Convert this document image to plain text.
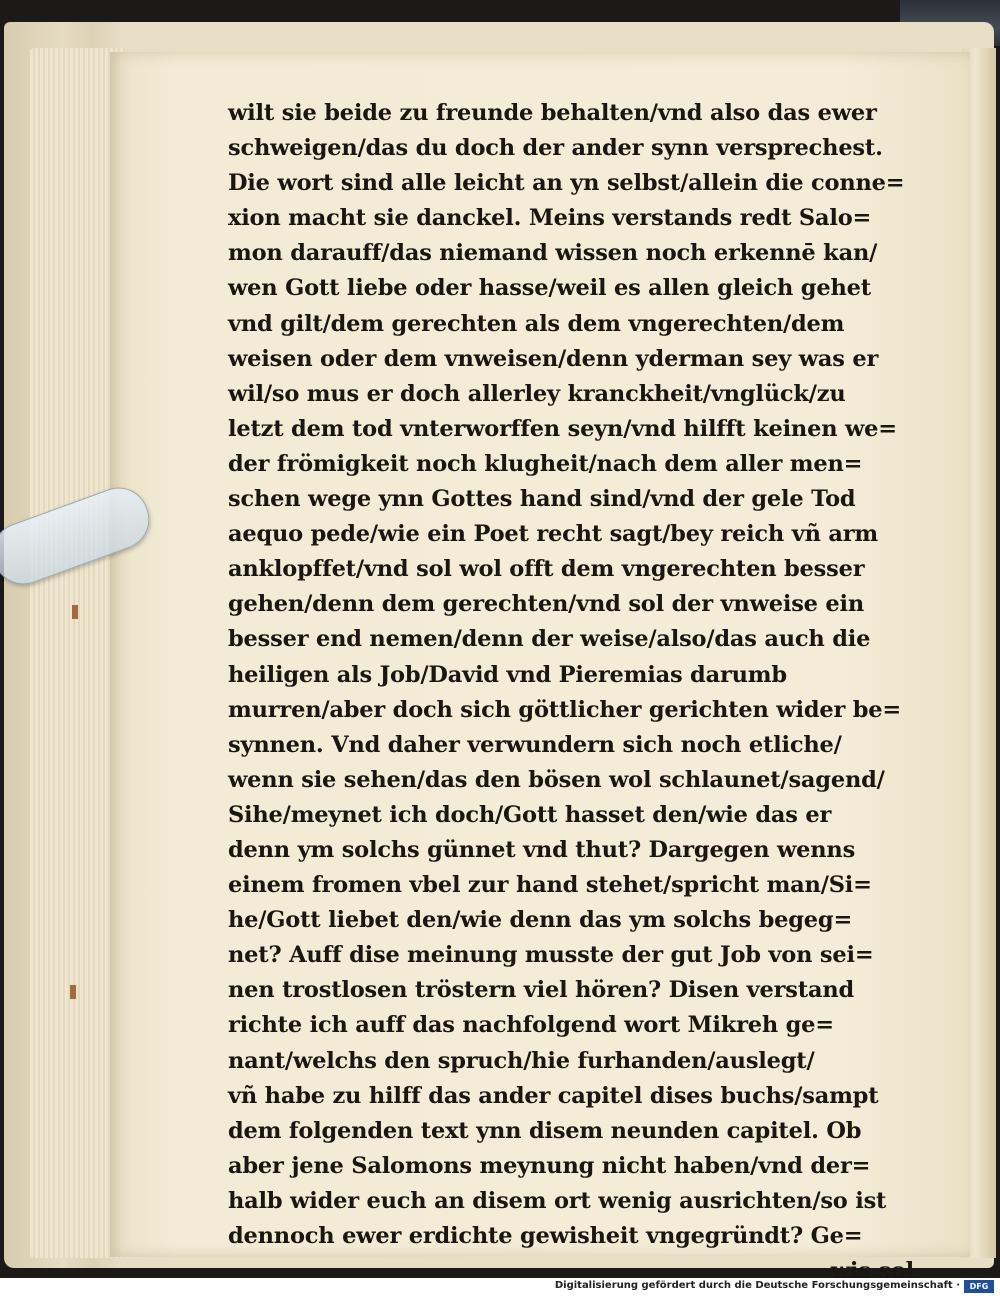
wilt sie beide zu freunde behalten/vnd also das ewer
schweigen/das du doch der ander synn versprechest.
Die wort sind alle leicht an yn selbst/allein die conne=
xion macht sie danckel. Meins verstands redt Salo=
mon darauff/das niemand wissen noch erkennē kan/
wen Gott liebe oder hasse/weil es allen gleich gehet
vnd gilt/dem gerechten als dem vngerechten/dem
weisen oder dem vnweisen/denn yderman sey was er
wil/so mus er doch allerley kranckheit/vnglück/zu
letzt dem tod vnterworffen seyn/vnd hilfft keinen we=
der frömigkeit noch klugheit/nach dem aller men=
schen wege ynn Gottes hand sind/vnd der gele Tod
aequo pede/wie ein Poet recht sagt/bey reich vñ arm
anklopffet/vnd sol wol offt dem vngerechten besser
gehen/denn dem gerechten/vnd sol der vnweise ein
besser end nemen/denn der weise/also/das auch die
heiligen als Job/David vnd Pieremias darumb
murren/aber doch sich göttlicher gerichten wider be=
synnen. Vnd daher verwundern sich noch etliche/
wenn sie sehen/das den bösen wol schlaunet/sagend/
Sihe/meynet ich doch/Gott hasset den/wie das er
denn ym solchs günnet vnd thut? Dargegen wenns
einem fromen vbel zur hand stehet/spricht man/Si=
he/Gott liebet den/wie denn das ym solchs begeg=
net? Auff dise meinung musste der gut Job von sei=
nen trostlosen tröstern viel hören? Disen verstand
richte ich auff das nachfolgend wort Mikreh ge=
nant/welchs den spruch/hie furhanden/auslegt/
vñ habe zu hilff das ander capitel dises buchs/sampt
dem folgenden text ynn disem neunden capitel. Ob
aber jene Salomons meynung nicht haben/vnd der=
halb wider euch an disem ort wenig ausrichten/so ist
dennoch ewer erdichte gewisheit vngegründt? Ge=
wis sol
Digitalisierung gefördert durch die Deutsche Forschungsgemeinschaft ·	DFG
